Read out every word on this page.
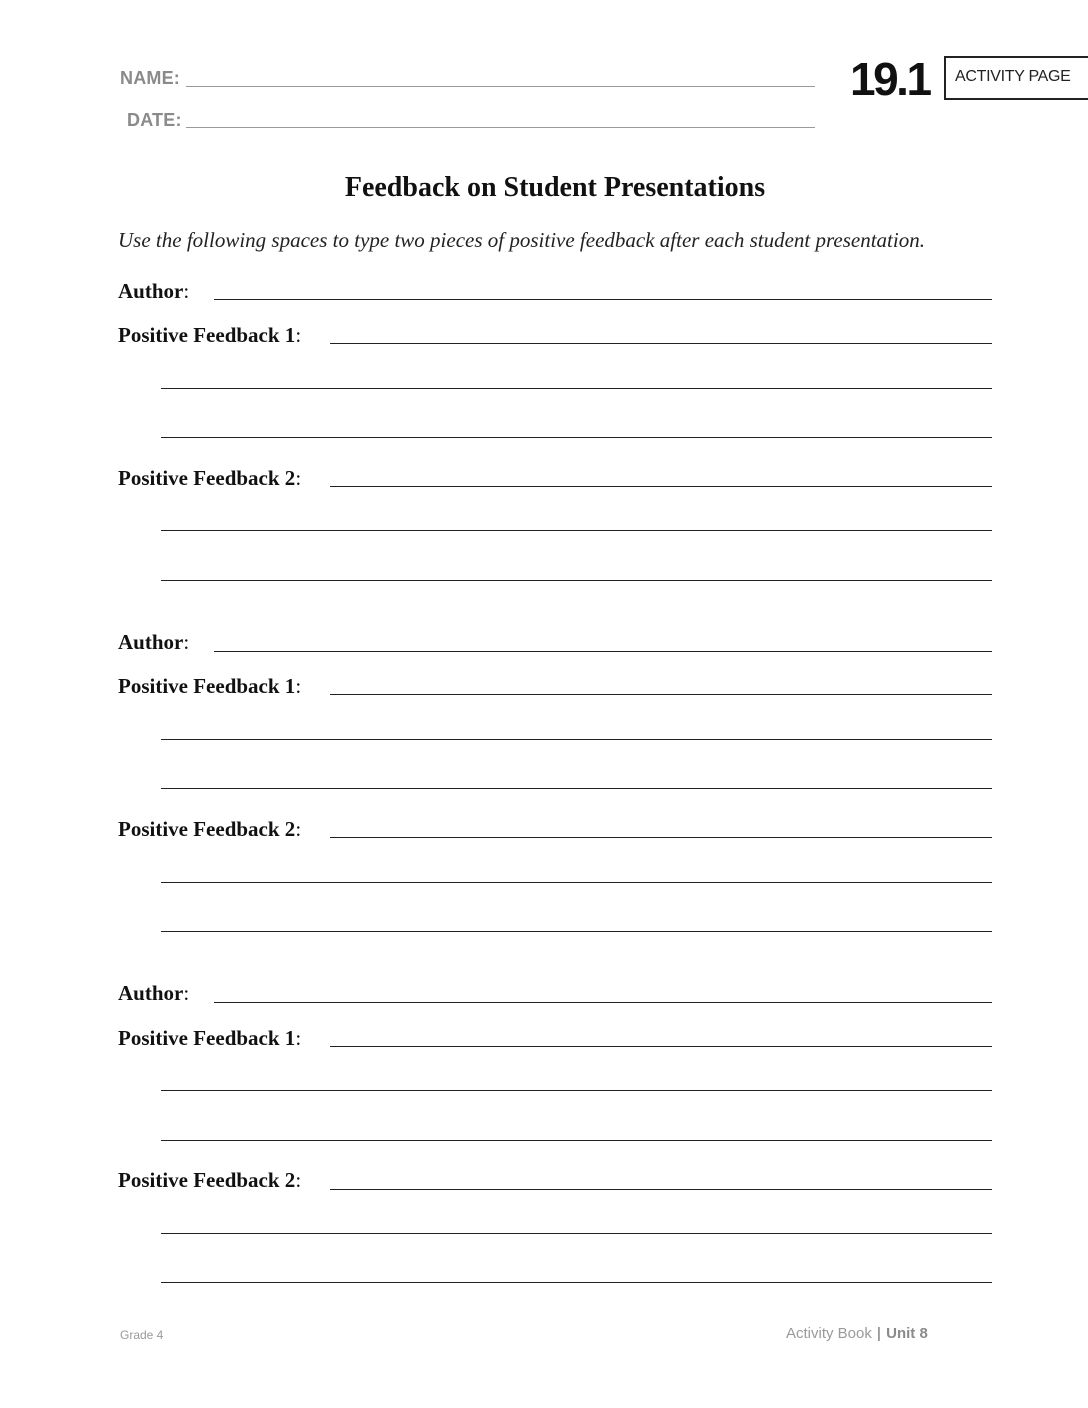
NAME:
DATE:
19.1	ACTIVITY PAGE
Feedback on Student Presentations
Use the following spaces to type two pieces of positive feedback after each student presentation.
Author:
Positive Feedback 1:
Positive Feedback 2:
Author:
Positive Feedback 1:
Positive Feedback 2:
Author:
Positive Feedback 1:
Positive Feedback 2:
Grade 4	Activity Book | Unit 8
